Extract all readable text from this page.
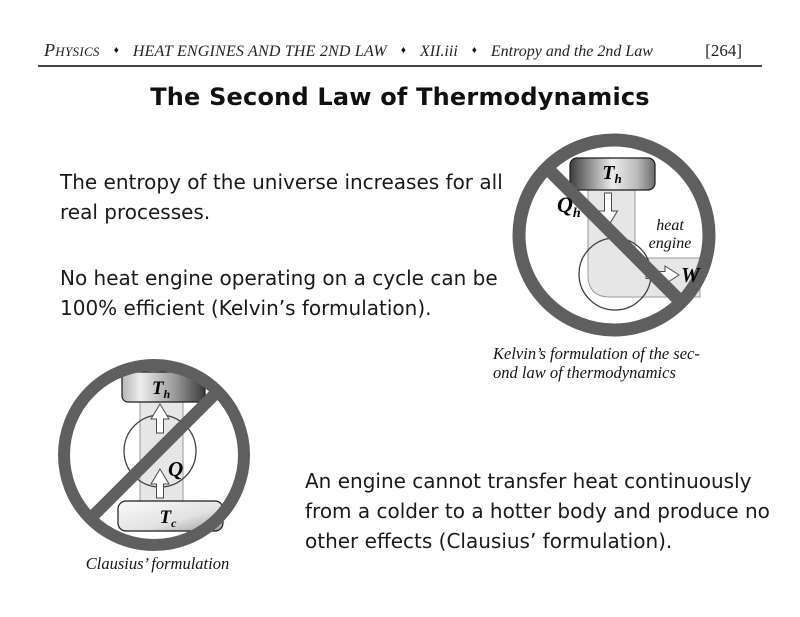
Physics ♦ HEAT ENGINES AND THE 2ND LAW ♦ XII.iii ♦ Entropy and the 2nd Law	[264]
The Second Law of Thermodynamics

The entropy of the universe increases for all
real processes.

No heat engine operating on a cycle can be
100% efficient (Kelvin’s formulation).

An engine cannot transfer heat continuously
from a colder to a hotter body and produce no
other effects (Clausius’ formulation).

$T_h$
$Q_h$
heat
engine
W
Kelvin’s formulation of the sec-
ond law of thermodynamics
$T_h$
Q
$T_c$
Clausius’ formulation
